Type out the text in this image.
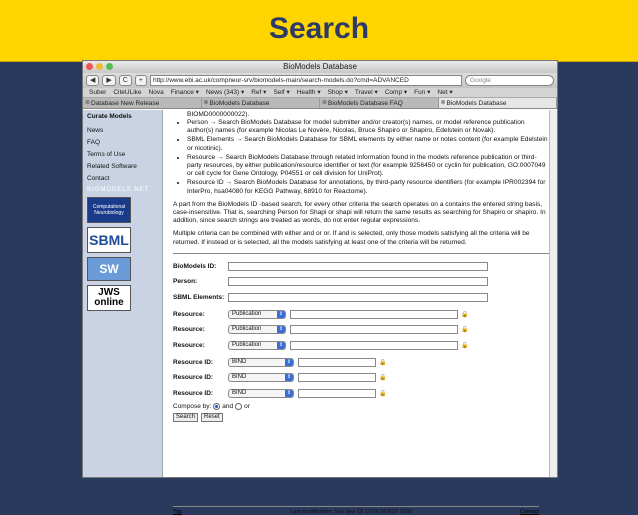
Search
BioModels Database
◀	▶	C	+	http://www.ebi.ac.uk/compneur-srv/biomodels-main/search-models.do?cmd=ADVANCED	Google
Suber CiteULike Nova Finance ▾ News (343) ▾ Ref ▾ Self ▾ Health ▾ Shop ▾ Travel ▾ Comp ▾ Fun ▾ Net ▾
⊗ Database New Release	⊗ BioModels Database	⊗ BioModels Database FAQ	⊗ BioModels Database
Curate Models
News
FAQ
Terms of Use
Related Software
Contact
BIOMODELS.NET
Computational Neurobiology
SBML
SW
JWS
online
BIOMD0000000022).
• Person → Search BioModels Database for model submitter and/or creator(s) names, or model reference publication author(s) names (for example Nicolas Le Novère, Nicolas, Bruce Shapiro or Shapiro, Edelstein or Novak).
• SBML Elements → Search BioModels Database for SBML elements by either name or notes content (for example Edelstein or nicotinic).
• Resource → Search BioModels Database through related information found in the models reference publication or third-party resources, by either publication/resource identifier or text (for example 9256450 or cyclin for publication, GO:0007049 or cell cycle for Gene Ontology, P04551 or cell division for UniProt).
• Resource ID → Search BioModels Database for annotations, by third-party resource identifiers (for example IPR002394 for InterPro, hsa04080 for KEGG Pathway, 68910 for Reactome).

A part from the BioModels ID -based search, for every other criteria the search operates on a contains the entered string basis, case-insensitive. That is, searching Person for Shapi or shapi will return the same results as searching for Shapiro or shapiro. In addition, since search strings are treated as words, do not enter regular expressions.

Multiple criteria can be combined with either and or or. If and is selected, only those models satisfying all the criteria will be returned. If instead or is selected, all the models satisfying at least one of the criteria will be returned.

BioModels ID:
Person:
SBML Elements:
Resource:	Publication	⇕	🔒
Resource:	Publication	⇕	🔒
Resource:	Publication	⇕	🔒
Resource ID:	BIND	⇕	🔒
Resource ID:	BIND	⇕	🔒
Resource ID:	BIND	⇕	🔒
Compose by: and or
Search	Reset
Top	Last modification: Sun Sep 18 17:09:04 BST 2005	Contact
